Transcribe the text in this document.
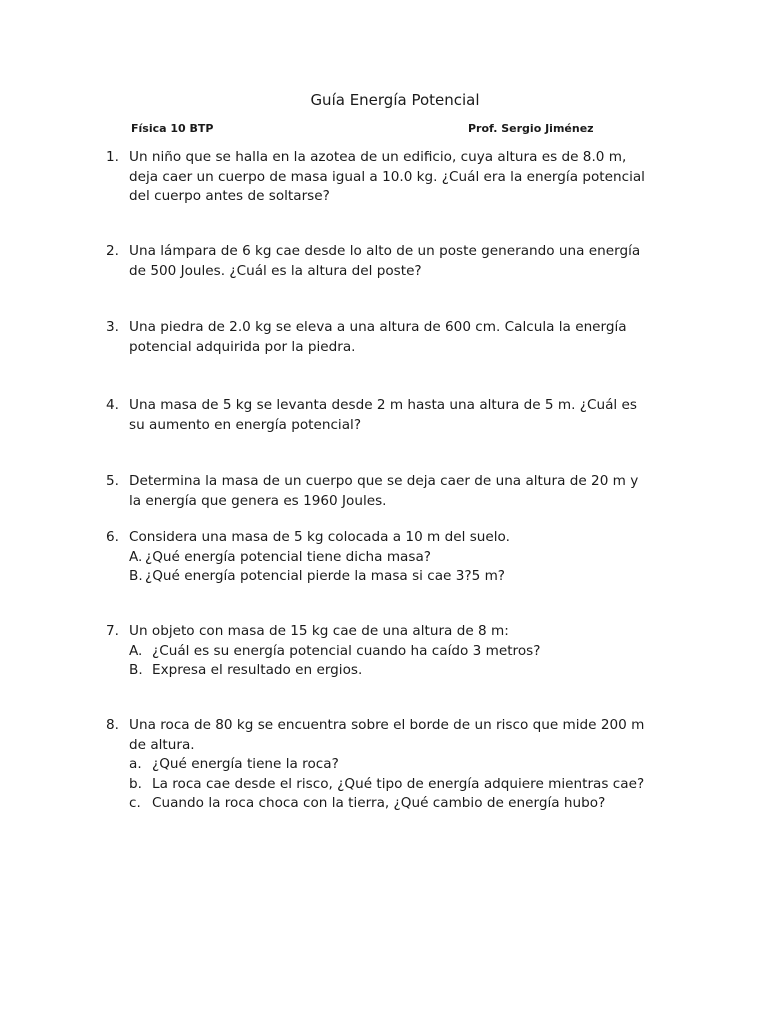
Guía Energía Potencial
Física 10 BTP	Prof. Sergio Jiménez
1. Un niño que se halla en la azotea de un edificio, cuya altura es de 8.0 m,
deja caer un cuerpo de masa igual a 10.0 kg. ¿Cuál era la energía potencial
del cuerpo antes de soltarse?
2. Una lámpara de 6 kg cae desde lo alto de un poste generando una energía
de 500 Joules. ¿Cuál es la altura del poste?
3. Una piedra de 2.0 kg se eleva a una altura de 600 cm. Calcula la energía
potencial adquirida por la piedra.
4. Una masa de 5 kg se levanta desde 2 m hasta una altura de 5 m. ¿Cuál es
su aumento en energía potencial?
5. Determina la masa de un cuerpo que se deja caer de una altura de 20 m y
la energía que genera es 1960 Joules.
6. Considera una masa de 5 kg colocada a 10 m del suelo.
A. ¿Qué energía potencial tiene dicha masa?
B. ¿Qué energía potencial pierde la masa si cae 3?5 m?
7. Un objeto con masa de 15 kg cae de una altura de 8 m:
A. ¿Cuál es su energía potencial cuando ha caído 3 metros?
B. Expresa el resultado en ergios.
8. Una roca de 80 kg se encuentra sobre el borde de un risco que mide 200 m
de altura.
a. ¿Qué energía tiene la roca?
b. La roca cae desde el risco, ¿Qué tipo de energía adquiere mientras cae?
c. Cuando la roca choca con la tierra, ¿Qué cambio de energía hubo?
